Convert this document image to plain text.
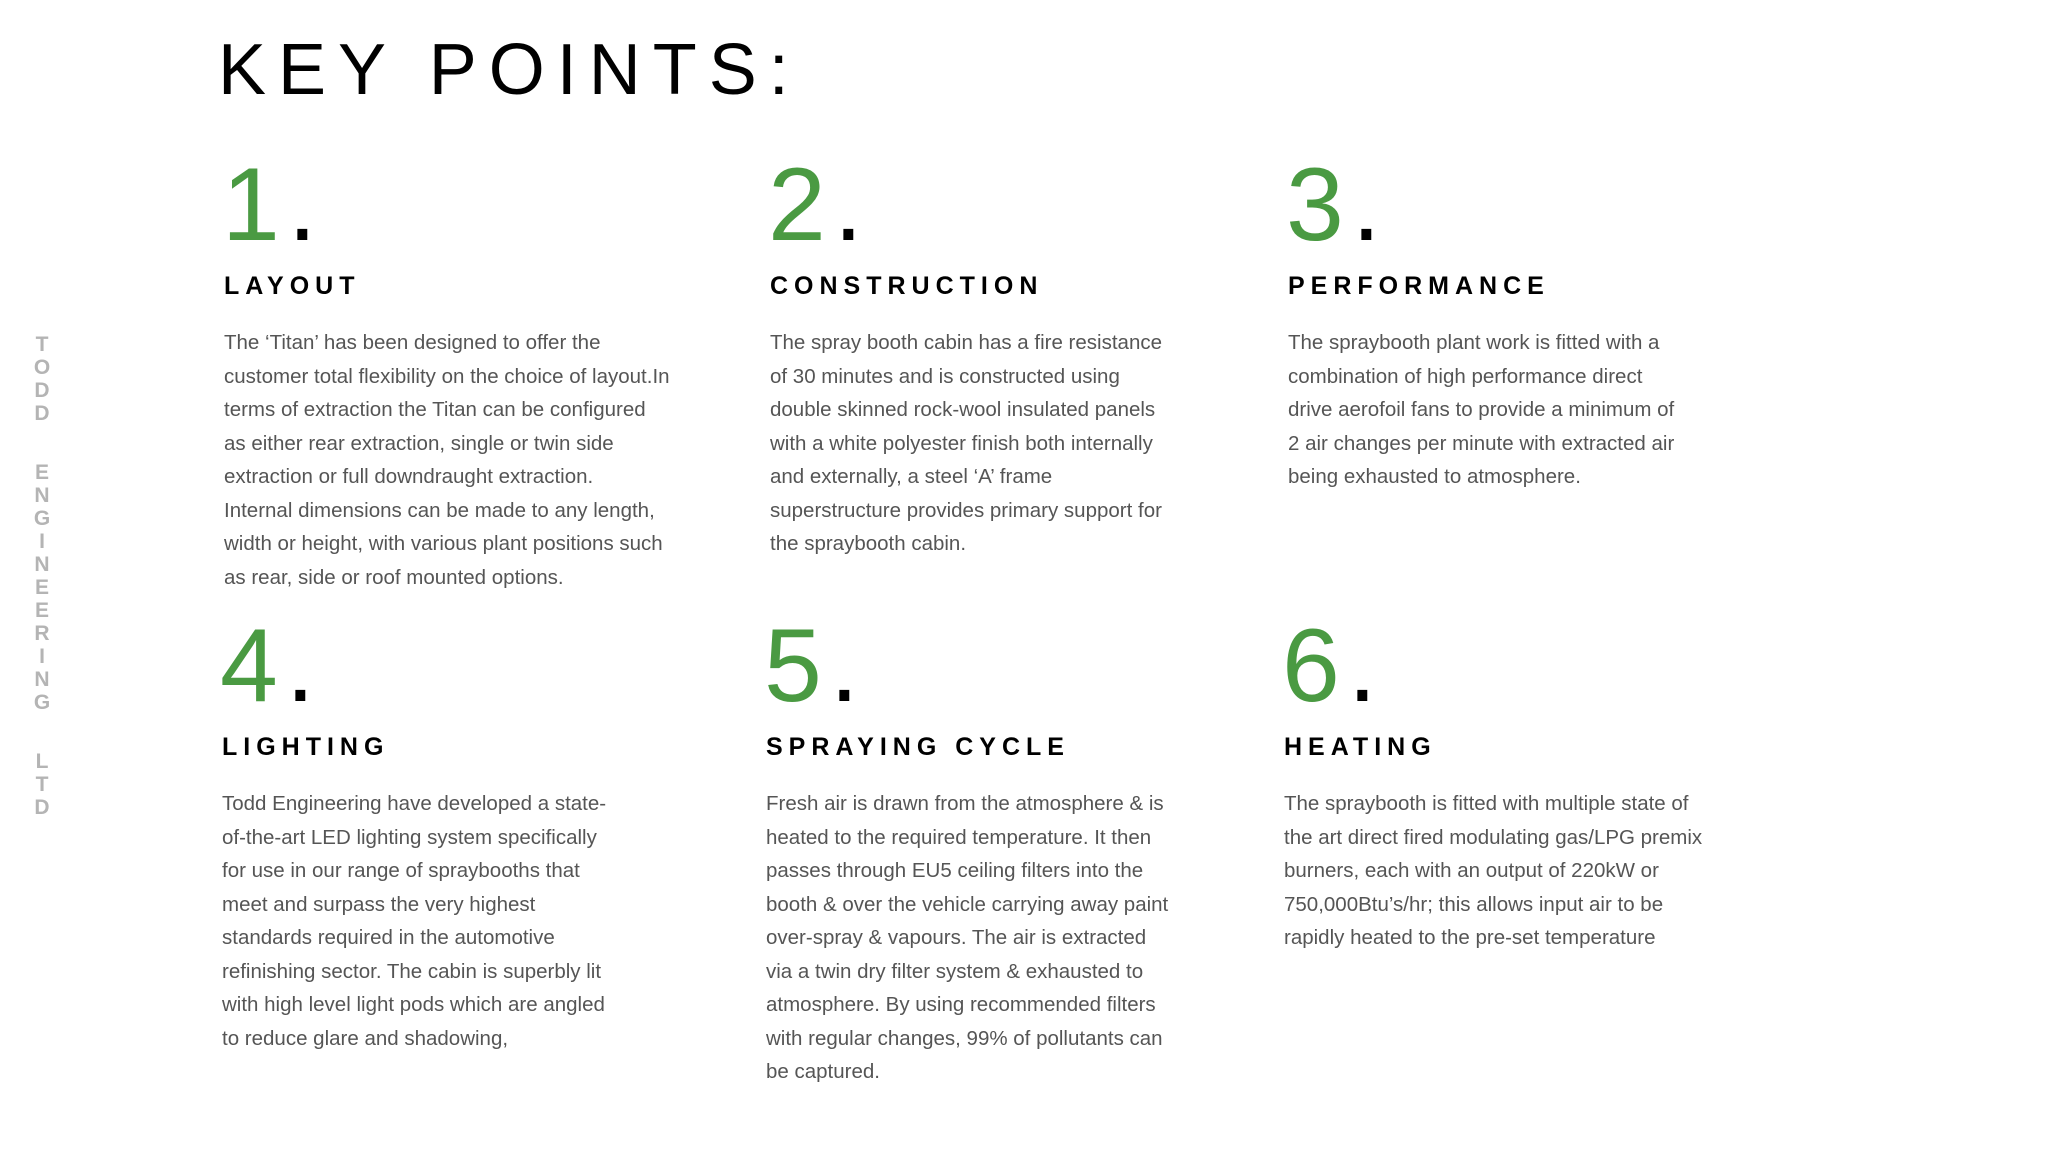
T
O
D
D
E
N
G
I
N
E
E
R
I
N
G
L
T
D
KEY POINTS:
1 .
LAYOUT

The ‘Titan’ has been designed to offer the
customer total flexibility on the choice of layout.In
terms of extraction the Titan can be configured
as either rear extraction, single or twin side
extraction or full downdraught extraction.
Internal dimensions can be made to any length,
width or height, with various plant positions such
as rear, side or roof mounted options.

2 .
CONSTRUCTION

The spray booth cabin has a fire resistance
of 30 minutes and is constructed using
double skinned rock-wool insulated panels
with a white polyester finish both internally
and externally, a steel ‘A’ frame
superstructure provides primary support for
the spraybooth cabin.

3 .
PERFORMANCE

The spraybooth plant work is fitted with a
combination of high performance direct
drive aerofoil fans to provide a minimum of
2 air changes per minute with extracted air
being exhausted to atmosphere.

4 .
LIGHTING

Todd Engineering have developed a state-
of-the-art LED lighting system specifically
for use in our range of spraybooths that
meet and surpass the very highest
standards required in the automotive
refinishing sector. The cabin is superbly lit
with high level light pods which are angled
to reduce glare and shadowing,

5 .
SPRAYING CYCLE

Fresh air is drawn from the atmosphere & is
heated to the required temperature. It then
passes through EU5 ceiling filters into the
booth & over the vehicle carrying away paint
over-spray & vapours. The air is extracted
via a twin dry filter system & exhausted to
atmosphere. By using recommended filters
with regular changes, 99% of pollutants can
be captured.

6 .
HEATING

The spraybooth is fitted with multiple state of
the art direct fired modulating gas/LPG premix
burners, each with an output of 220kW or
750,000Btu’s/hr; this allows input air to be
rapidly heated to the pre-set temperature
